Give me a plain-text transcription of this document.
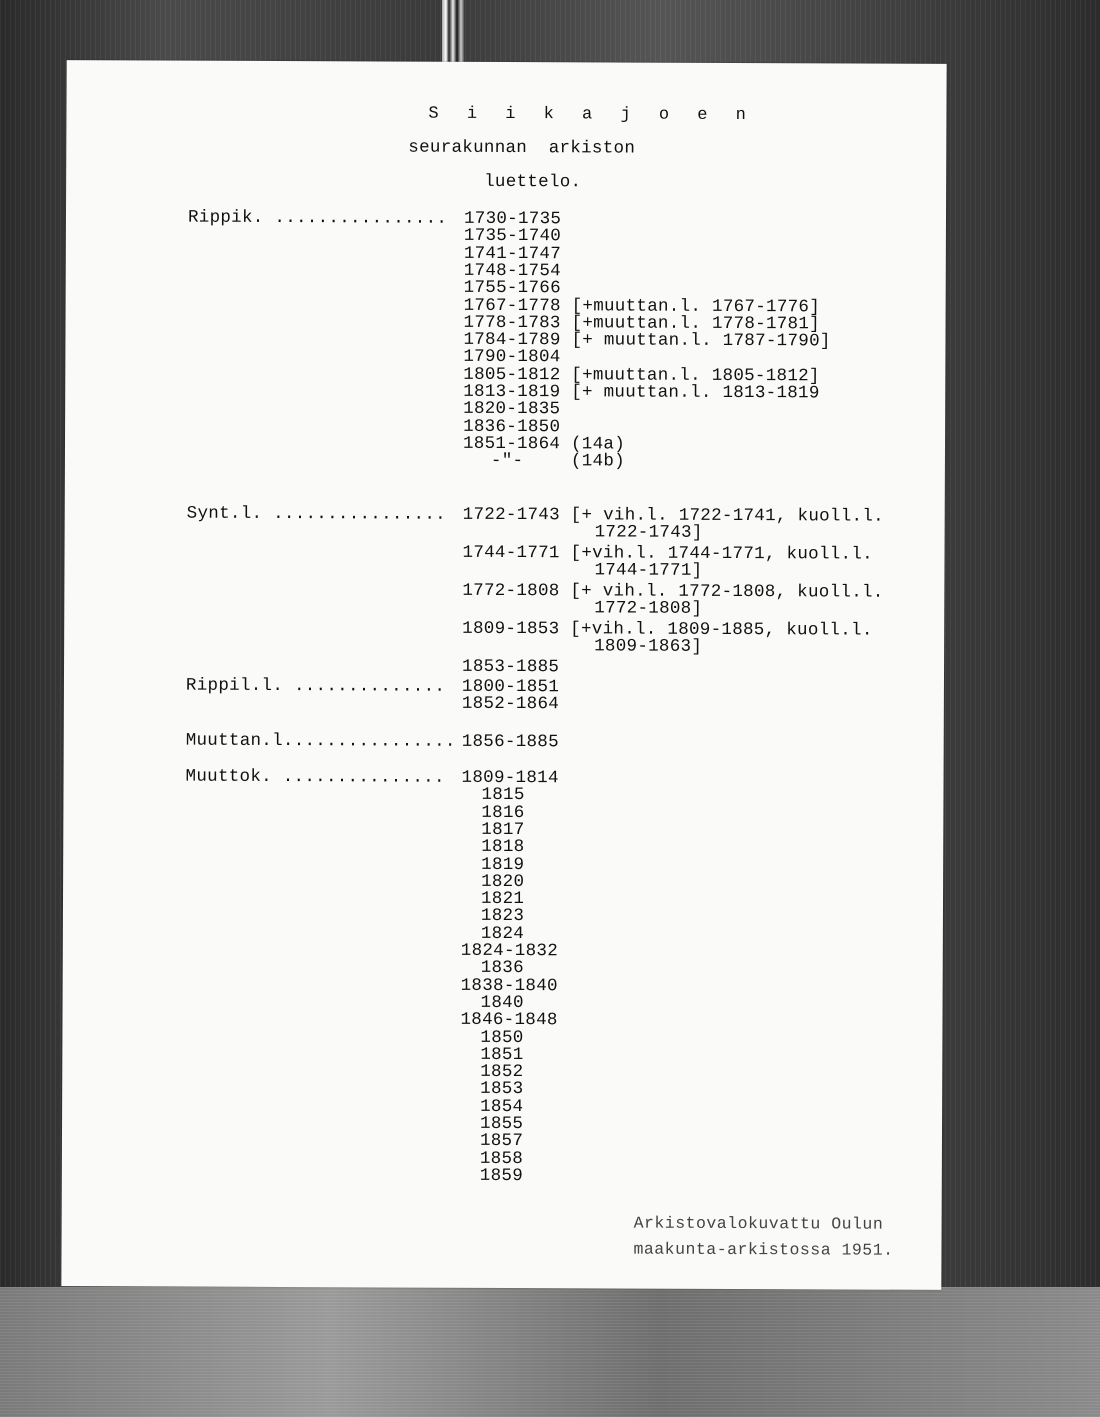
S i i k a j o e n
seurakunnan  arkiston
luettelo.
Rippik. ................ 1730-1735
1735-1740
1741-1747
1748-1754
1755-1766
1767-1778 [+muuttan.l. 1767-1776]
1778-1783 [+muuttan.l. 1778-1781]
1784-1789 [+ muuttan.l. 1787-1790]
1790-1804
1805-1812 [+muuttan.l. 1805-1812]
1813-1819 [+ muuttan.l. 1813-1819
1820-1835
1836-1850
1851-1864 (14a)
-"-	(14b)
Synt.l. ................ 1722-1743 [+ vih.l. 1722-1741, kuoll.l.
1722-1743]
1744-1771 [+vih.l. 1744-1771, kuoll.l.
1744-1771]
1772-1808 [+ vih.l. 1772-1808, kuoll.l.
1772-1808]
1809-1853 [+vih.l. 1809-1885, kuoll.l.
1809-1863]
1853-1885
Rippil.l. .............. 1800-1851
1852-1864
Muuttan.l................ 1856-1885
Muuttok. ............... 1809-1814
1815
1816
1817
1818
1819
1820
1821
1823
1824
1824-1832
1836
1838-1840
1840
1846-1848
1850
1851
1852
1853
1854
1855
1857
1858
1859
Arkistovalokuvattu Oulun
maakunta-arkistossa 1951.
